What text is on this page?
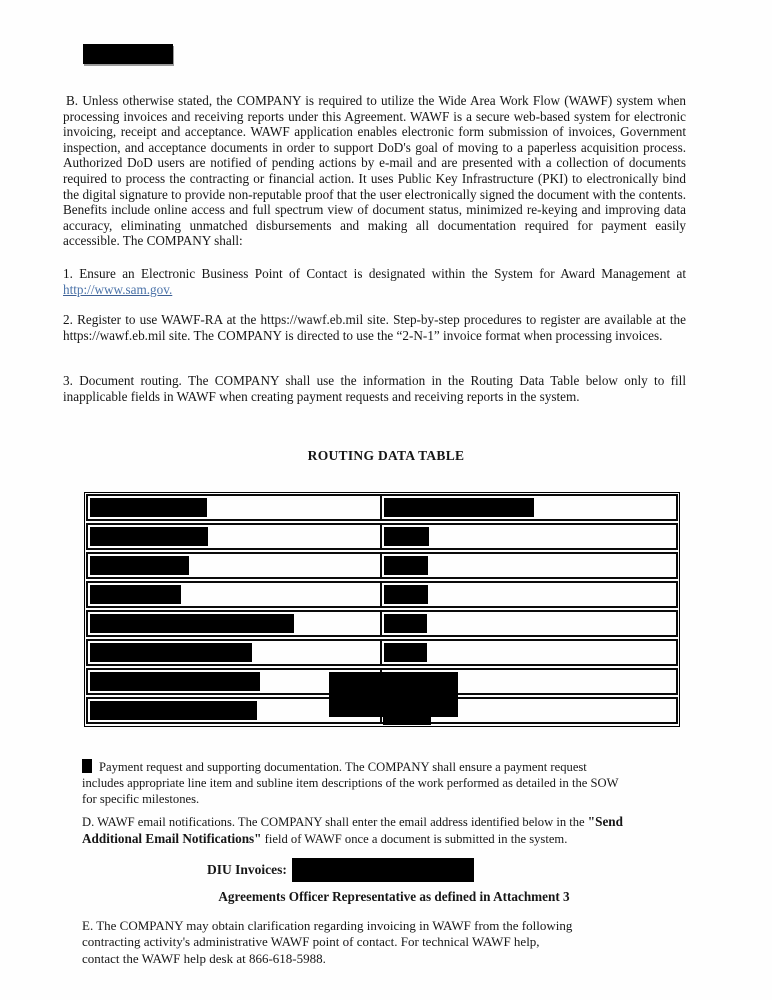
B. Unless otherwise stated, the COMPANY is required to utilize the Wide Area Work Flow (WAWF) system when processing invoices and receiving reports under this Agreement. WAWF is a secure web-based system for electronic invoicing, receipt and acceptance. WAWF application enables electronic form submission of invoices, Government inspection, and acceptance documents in order to support DoD's goal of moving to a paperless acquisition process. Authorized DoD users are notified of pending actions by e-mail and are presented with a collection of documents required to process the contracting or financial action. It uses Public Key Infrastructure (PKI) to electronically bind the digital signature to provide non-reputable proof that the user electronically signed the document with the contents. Benefits include online access and full spectrum view of document status, minimized re-keying and improving data accuracy, eliminating unmatched disbursements and making all documentation required for payment easily accessible. The COMPANY shall:
1. Ensure an Electronic Business Point of Contact is designated within the System for Award Management at http://www.sam.gov.
2. Register to use WAWF-RA at the https://wawf.eb.mil site. Step-by-step procedures to register are available at the https://wawf.eb.mil site. The COMPANY is directed to use the “2-N-1” invoice format when processing invoices.
3. Document routing. The COMPANY shall use the information in the Routing Data Table below only to fill inapplicable fields in WAWF when creating payment requests and receiving reports in the system.
ROUTING DATA TABLE
Payment request and supporting documentation. The COMPANY shall ensure a payment request
includes appropriate line item and subline item descriptions of the work performed as detailed in the SOW
for specific milestones.
D. WAWF email notifications. The COMPANY shall enter the email address identified below in the "Send
Additional Email Notifications" field of WAWF once a document is submitted in the system.
DIU Invoices:
Agreements Officer Representative as defined in Attachment 3
E. The COMPANY may obtain clarification regarding invoicing in WAWF from the following
contracting activity's administrative WAWF point of contact. For technical WAWF help,
contact the WAWF help desk at 866-618-5988.
